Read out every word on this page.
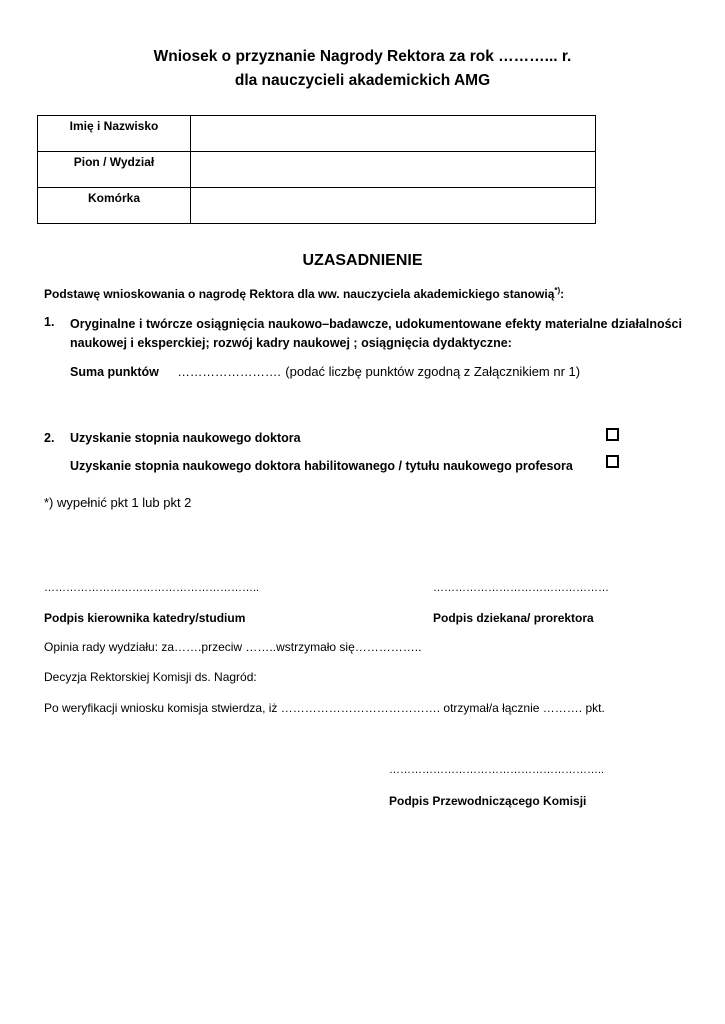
Wniosek o przyznanie Nagrody Rektora za rok ………... r.
dla nauczycieli akademickich AMG
Imię i Nazwisko	
Pion / Wydział	
Komórka	
UZASADNIENIE
Podstawę wnioskowania o nagrodę Rektora dla ww. nauczyciela akademickiego stanowią*):
1. Oryginalne i twórcze osiągnięcia naukowo–badawcze, udokumentowane efekty materialne działalności naukowej i eksperckiej; rozwój kadry naukowej ; osiągnięcia dydaktyczne:
Suma punktów ……………………. (podać liczbę punktów zgodną z Załącznikiem nr 1)
2. Uzyskanie stopnia naukowego doktora
Uzyskanie stopnia naukowego doktora habilitowanego / tytułu naukowego profesora
*) wypełnić pkt 1 lub pkt 2
…………………………………………………..
Podpis kierownika katedry/studium
…………………………………………
Podpis dziekana/ prorektora
Opinia rady wydziału: za…….przeciw ……..wstrzymało się……………..
Decyzja Rektorskiej Komisji ds. Nagród:
Po weryfikacji wniosku komisja stwierdza, iż …………………………………. otrzymał/a łącznie ………. pkt.
…………………………………………………..
Podpis Przewodniczącego Komisji
